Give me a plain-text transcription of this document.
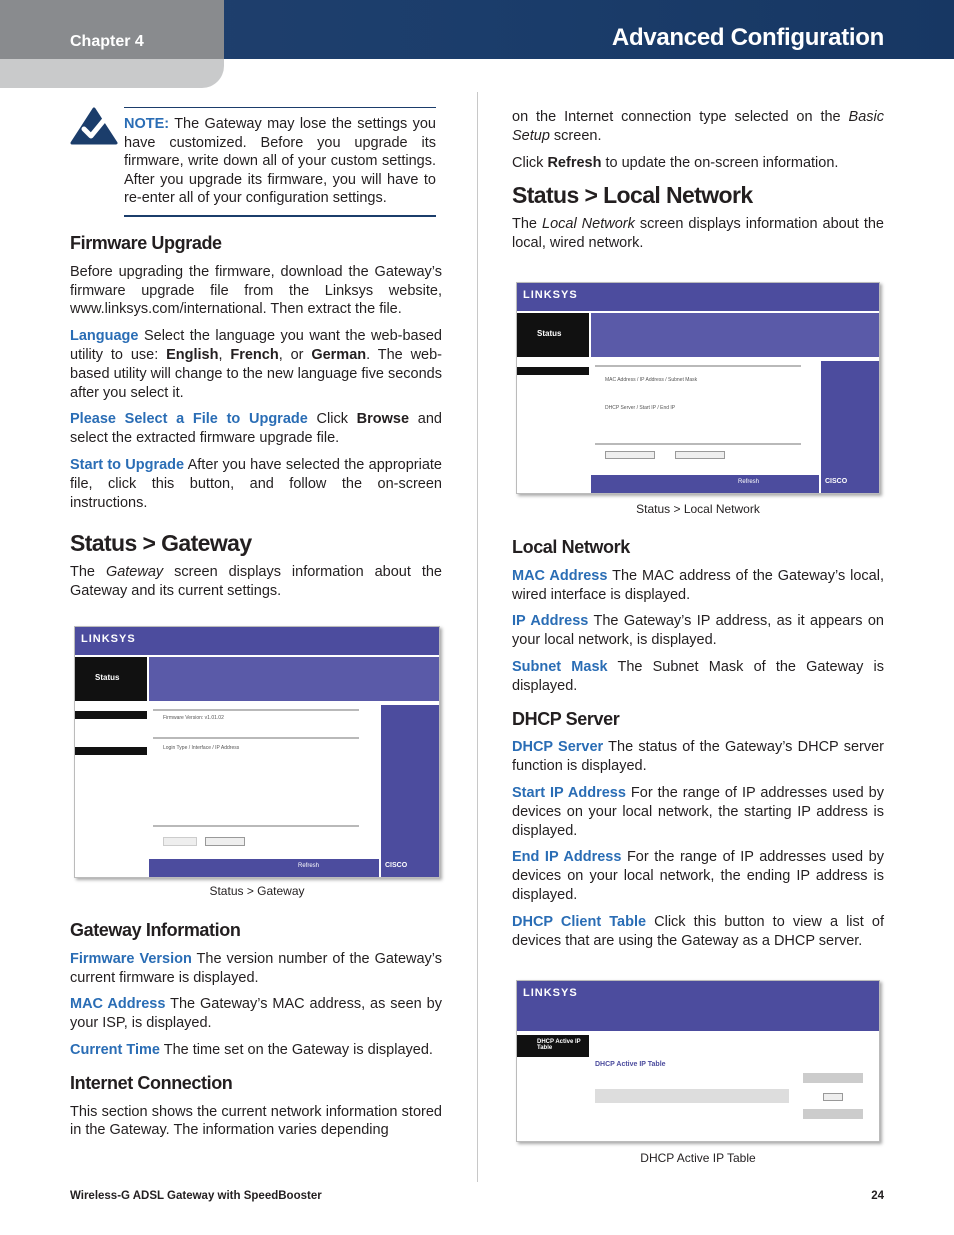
Chapter 4	Advanced Configuration
NOTE: The Gateway may lose the settings you have customized. Before you upgrade its firmware, write down all of your custom settings. After you upgrade its firmware, you will have to re-enter all of your configuration settings.
Firmware Upgrade

Before upgrading the firmware, download the Gateway’s firmware upgrade file from the Linksys website, www.linksys.com/international. Then extract the file.

Language Select the language you want the web-based utility to use: English, French, or German. The web-based utility will change to the new language five seconds after you select it.

Please Select a File to Upgrade Click Browse and select the extracted firmware upgrade file.

Start to Upgrade After you have selected the appropriate file, click this button, and follow the on-screen instructions.

Status > Gateway

The Gateway screen displays information about the Gateway and its current settings.

LINKSYS
Status
Firmware Version: v1.01.02
Login Type / Interface / IP Address
CISCO
Refresh
Status > Gateway
Gateway Information

Firmware Version The version number of the Gateway’s current firmware is displayed.

MAC Address The Gateway’s MAC address, as seen by your ISP, is displayed.

Current Time The time set on the Gateway is displayed.

Internet Connection

This section shows the current network information stored in the Gateway. The information varies depending

on the Internet connection type selected on the Basic Setup screen.

Click Refresh to update the on-screen information.

Status > Local Network

The Local Network screen displays information about the local, wired network.

LINKSYS
Status
MAC Address / IP Address / Subnet Mask
DHCP Server / Start IP / End IP
CISCO
Refresh
Status > Local Network
Local Network

MAC Address The MAC address of the Gateway’s local, wired interface is displayed.

IP Address The Gateway’s IP address, as it appears on your local network, is displayed.

Subnet Mask The Subnet Mask of the Gateway is displayed.

DHCP Server

DHCP Server The status of the Gateway’s DHCP server function is displayed.

Start IP Address For the range of IP addresses used by devices on your local network, the starting IP address is displayed.

End IP Address For the range of IP addresses used by devices on your local network, the ending IP address is displayed.

DHCP Client Table Click this button to view a list of devices that are using the Gateway as a DHCP server.

LINKSYS
DHCP Active IP Table
DHCP Active IP Table
DHCP Active IP Table
Wireless-G ADSL Gateway with SpeedBooster	24
